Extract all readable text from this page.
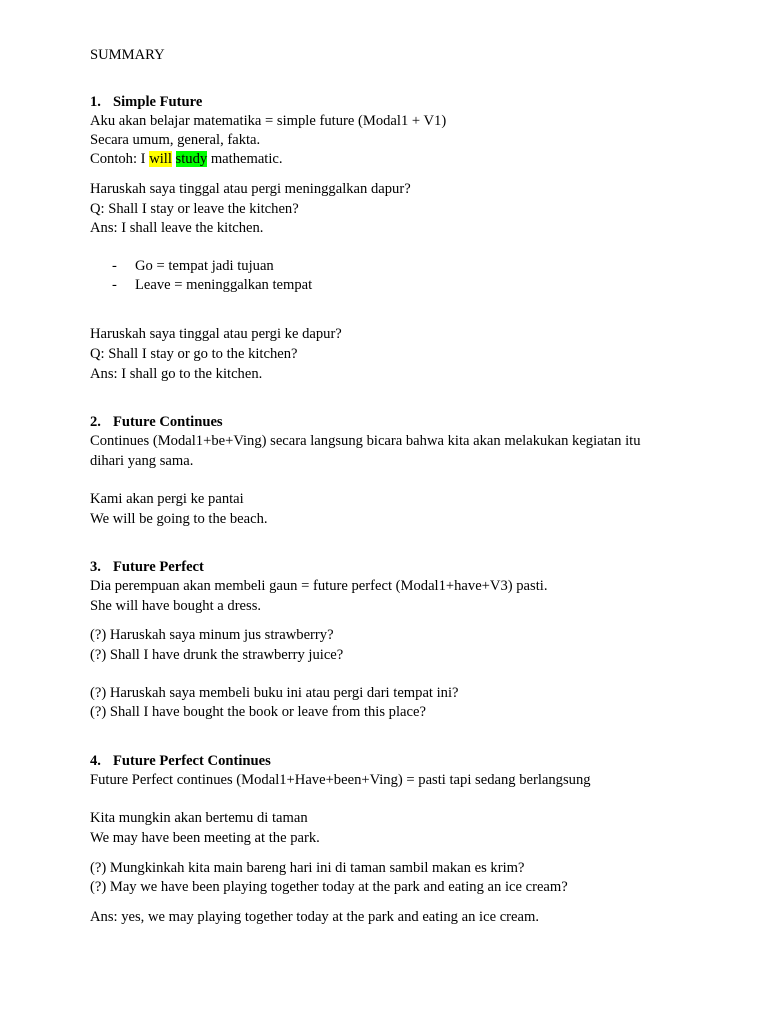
SUMMARY
1. Simple Future
Aku akan belajar matematika = simple future (Modal1 + V1)
Secara umum, general, fakta.
Contoh: I will study mathematic.
Haruskah saya tinggal atau pergi meninggalkan dapur?
Q: Shall I stay or leave the kitchen?
Ans: I shall leave the kitchen.
- Go = tempat jadi tujuan
- Leave = meninggalkan tempat
Haruskah saya tinggal atau pergi ke dapur?
Q: Shall I stay or go to the kitchen?
Ans: I shall go to the kitchen.
2. Future Continues
Continues (Modal1+be+Ving) secara langsung bicara bahwa kita akan melakukan kegiatan itu
dihari yang sama.
Kami akan pergi ke pantai
We will be going to the beach.
3. Future Perfect
Dia perempuan akan membeli gaun = future perfect (Modal1+have+V3) pasti.
She will have bought a dress.
(?) Haruskah saya minum jus strawberry?
(?) Shall I have drunk the strawberry juice?
(?) Haruskah saya membeli buku ini atau pergi dari tempat ini?
(?) Shall I have bought the book or leave from this place?
4. Future Perfect Continues
Future Perfect continues (Modal1+Have+been+Ving) = pasti tapi sedang berlangsung
Kita mungkin akan bertemu di taman
We may have been meeting at the park.
(?) Mungkinkah kita main bareng hari ini di taman sambil makan es krim?
(?) May we have been playing together today at the park and eating an ice cream?
Ans: yes, we may playing together today at the park and eating an ice cream.
